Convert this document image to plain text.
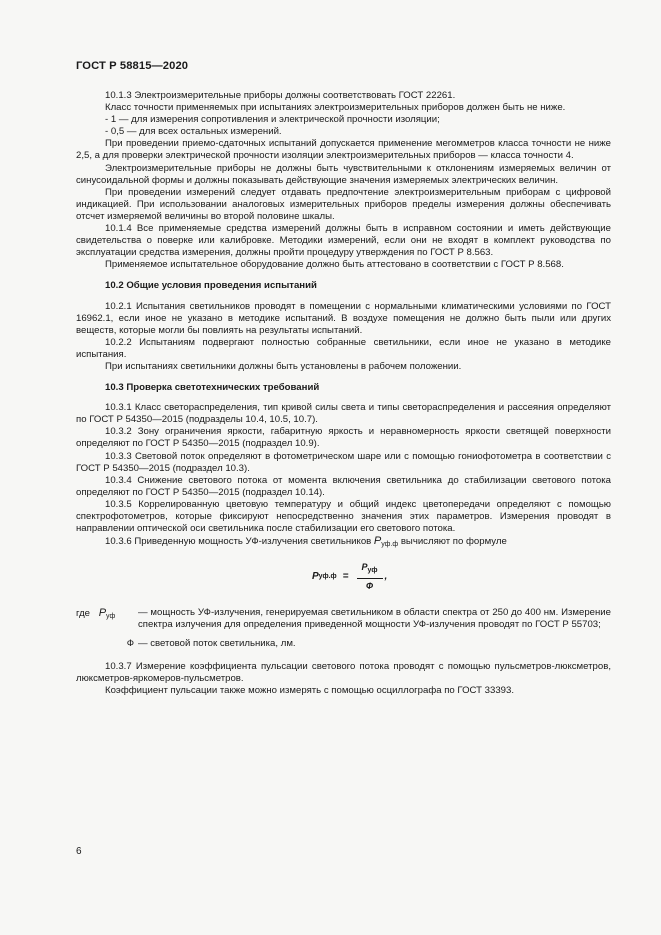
ГОСТ Р 58815—2020

10.1.3 Электроизмерительные приборы должны соответствовать ГОСТ 22261.

Класс точности применяемых при испытаниях электроизмерительных приборов должен быть не ниже.

- 1 — для измерения сопротивления и электрической прочности изоляции;

- 0,5 — для всех остальных измерений.

При проведении приемо-сдаточных испытаний допускается применение мегомметров класса точности не ниже 2,5, а для проверки электрической прочности изоляции электроизмерительных приборов — класса точности 4.

Электроизмерительные приборы не должны быть чувствительными к отклонениям измеряемых величин от синусоидальной формы и должны показывать действующие значения измеряемых электрических величин.

При проведении измерений следует отдавать предпочтение электроизмерительным приборам с цифровой индикацией. При использовании аналоговых измерительных приборов пределы измерения должны обеспечивать отсчет измеряемой величины во второй половине шкалы.

10.1.4 Все применяемые средства измерений должны быть в исправном состоянии и иметь действующие свидетельства о поверке или калибровке. Методики измерений, если они не входят в комплект руководства по эксплуатации средства измерения, должны пройти процедуру утверждения по ГОСТ Р 8.563.

Применяемое испытательное оборудование должно быть аттестовано в соответствии с ГОСТ Р 8.568.

10.2 Общие условия проведения испытаний

10.2.1 Испытания светильников проводят в помещении с нормальными климатическими условиями по ГОСТ 16962.1, если иное не указано в методике испытаний. В воздухе помещения не должно быть пыли или других веществ, которые могли бы повлиять на результаты испытаний.

10.2.2 Испытаниям подвергают полностью собранные светильники, если иное не указано в методике испытания.

При испытаниях светильники должны быть установлены в рабочем положении.

10.3 Проверка светотехнических требований

10.3.1 Класс светораспределения, тип кривой силы света и типы светораспределения и рассеяния определяют по ГОСТ Р 54350—2015 (подразделы 10.4, 10.5, 10.7).

10.3.2 Зону ограничения яркости, габаритную яркость и неравномерность яркости светящей поверхности определяют по ГОСТ Р 54350—2015 (подраздел 10.9).

10.3.3 Световой поток определяют в фотометрическом шаре или с помощью гониофотометра в соответствии с ГОСТ Р 54350—2015 (подраздел 10.3).

10.3.4 Снижение светового потока от момента включения светильника до стабилизации светового потока определяют по ГОСТ Р 54350—2015 (подраздел 10.14).

10.3.5 Коррелированную цветовую температуру и общий индекс цветопередачи определяют с помощью спектрофотометров, которые фиксируют непосредственно значения этих параметров. Измерения проводят в направлении оптической оси светильника после стабилизации его светового потока.

10.3.6 Приведенную мощность УФ-излучения светильников $P_{уф.ф}$ вычисляют по формуле

P $уф.ф = \frac{P_{уф}}{Ф}$ ,
где $P_{уф}$	— мощность УФ-излучения, генерируемая светильником в области спектра от 250 до 400 нм. Измерение спектра излучения для определения приведенной мощности УФ-излучения проводят по ГОСТ Р 55703;
Ф — световой поток светильника, лм.

10.3.7 Измерение коэффициента пульсации светового потока проводят с помощью пульсметров-люксметров, люксметров-яркомеров-пульсметров.

Коэффициент пульсации также можно измерять с помощью осциллографа по ГОСТ 33393.

6
